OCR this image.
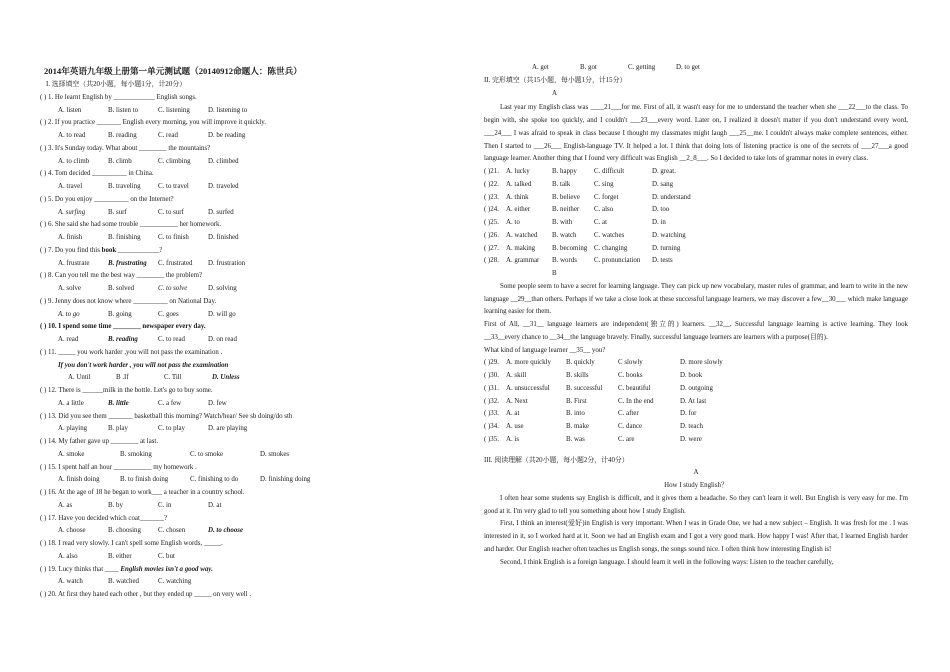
2014年英语九年级上册第一单元测试题（20140912命题人：陈世兵）
I. 选择填空（共20小题，每小题1分，计20分）
( ) 1. He learnt English by ____________ English songs.
A. listen	B. listen to	C. listening	D. listening to
( ) 2. If you practice _______ English every morning, you will improve it quickly.
A. to read	B. reading	C. read	D. be reading
( ) 3. It's Sunday today. What about ________ the mountains?
A. to climb	B. climb	C. climbing	D. climbed
( ) 4. Tom decided __________ in China.
A. travel	B. traveling	C. to travel	D. traveled
( ) 5. Do you enjoy __________ on the Internet?
A. surfing	B. surf	C. to surf	D. surfed
( ) 6. She said she had some trouble ___________ her homework.
A. finish	B. finishing	C. to finish	D. finished
( ) 7. Do you find this book ____________?
A. frustrate	B. frustrating C. frustrated D. frustration
( ) 8. Can you tell me the best way ________ the problem?
A. solve	B. solved	C. to solve	D. solving
( ) 9. Jenny does not know where __________ on National Day.
A. to go	B. going	C. goes	D. will go
( ) 10. I spend some time ________ newspaper every day.
A. read	B. reading	C. to read	D. on read
( ) 11. _____ you work harder ,you will not pass the examination .
If you don't work harder , you will not pass the examination
A. Until	B .If	C. Till	D. Unless
( ) 12. There is ______milk in the bottle. Let's go to buy some.
A. a little	B. little	C. a few	D. few
( ) 13. Did you see them _______ basketball this morning? Watch/hear/ See sb doing/do sth
A. playing	B. play	C. to play	D. are playing
( ) 14. My father gave up ________ at last.
A. smoke	B. smoking	C. to smoke	D. smokes
( ) 15. I spent half an hour ___________ my homework .
A. finish doing	B. to finish doing	C. finishing to do	D. finishing doing
( ) 16. At the age of 18 he began to work___ a teacher in a country school.
A. as	B. by	C. in	D. at
( ) 17. Have you decided which coat_______?
A. choose	B. choosing C. chosen	D. to choose
( ) 18. I read very slowly. I can't spell some English words, _____.
A. also	B. either	C. but
( ) 19. Lucy thinks that ____ English movies isn't a good way.
A. watch	B. watched	C. watching
( ) 20. At first they hated each other , but they ended up _____ on very well .
A. get	B. got	C. getting	D. to get
II. 完形填空（共15小题，每小题1分，计15分）
A

Last year my English class was ____21___for me. First of all, it wasn't easy for me to understand the teacher when she ___22___to the class. To begin with, she spoke too quickly, and I couldn't ___23___every word. Later on, I realized it doesn't matter if you don't understand every word, ___24___ I was afraid to speak in class because I thought my classmates might laugh ___25__me. I couldn't always make complete sentences, either. Then I started to ___26___ English-language TV. It helped a lot. I think that doing lots of listening practice is one of the secrets of ___27___a good language learner. Another thing that I found very difficult was English __2_8___. So I decided to take lots of grammar notes in every class.

( )21. A. lucky	B. happy C. difficult	D. great.
( )22. A. talked	B. talk	C. sing	D. sang
( )23. A. think	B. believe C. forget	D. understand
( )24. A. either	B. neither C. also	D. too
( )25. A. to	B. with	C. at	D. in
( )26. A. watched B. watch	C. watches	D. watching
( )27. A. making B. becoming C. changing	D. turning
( )28. A. grammar B. words C. pronunciation D. tests
B

Some people seem to have a secret for learning language. They can pick up new vocabulary, master rules of grammar, and learn to write in the new language __29__than others. Perhaps if we take a close look at these successful language learners, we may discover a few__30___ which make language learning easier for them.

First of All, __31__ language learners are independent(独立的) learners. __32__, Successful language learning is active learning. They look __33__every chance to __34__the language bravely. Finally, successful language learners are learners with a purpose(目的).

What kind of language learner __35__ you?

( )29. A. more quickly B. quickly	C slowly	D. more slowly
( )30. A. skill	B. skills	C. books	D. book
( )31. A. unsuccessful B. successful C. beautiful	D. outgoing
( )32. A. Next	B. First	C. In the end	D. At last
( )33. A. at	B. into	C. after	D. for
( )34. A. use	B. make	C. dance	D. teach
( )35. A. is	B. was	C. are	D. were
III. 阅读理解（共20小题，每小题2分，计40分）
A
How I study English？

I often hear some students say English is difficult, and it gives them a headache. So they can't learn it well. But English is very easy for me. I'm good at it. I'm very glad to tell you something about how I study English.

First, I think an interest(爱好)in English is very important. When I was in Grade One, we had a new subject – English. It was fresh for me . I was interested in it, so I worked hard at it. Soon we had an English exam and I got a very good mark. How happy I was! After that, I learned English harder and harder. Our English teacher often teaches us English songs, the songs sound nice. I often think how interesting English is!

Second, I think English is a foreign language. I should learn it well in the following ways: Listen to the teacher carefully,
